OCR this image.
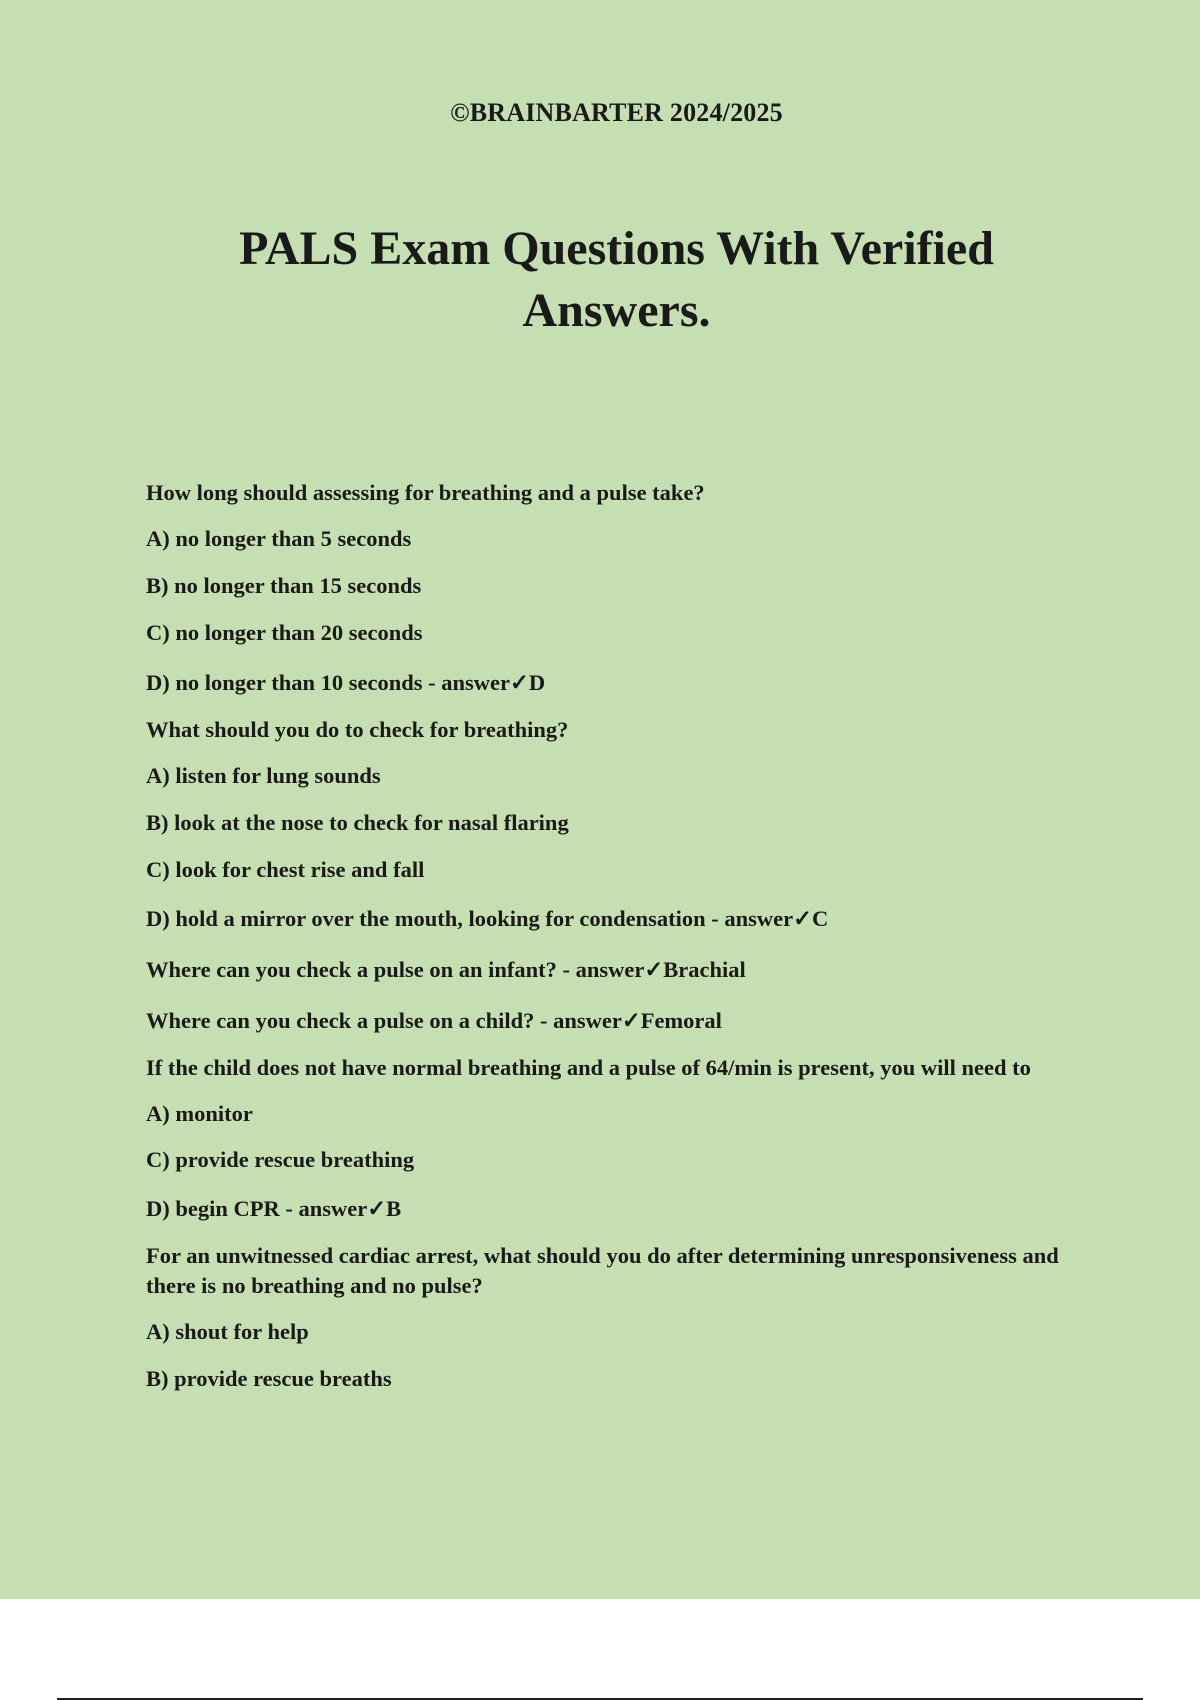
©BRAINBARTER 2024/2025
PALS Exam Questions With Verified
Answers.

How long should assessing for breathing and a pulse take?

A) no longer than 5 seconds

B) no longer than 15 seconds

C) no longer than 20 seconds

D) no longer than 10 seconds - answer✓D

What should you do to check for breathing?

A) listen for lung sounds

B) look at the nose to check for nasal flaring

C) look for chest rise and fall

D) hold a mirror over the mouth, looking for condensation - answer✓C

Where can you check a pulse on an infant? - answer✓Brachial

Where can you check a pulse on a child? - answer✓Femoral

If the child does not have normal breathing and a pulse of 64/min is present, you will need to

A) monitor

C) provide rescue breathing

D) begin CPR - answer✓B

For an unwitnessed cardiac arrest, what should you do after determining unresponsiveness and there is no breathing and no pulse?

A) shout for help

B) provide rescue breaths
